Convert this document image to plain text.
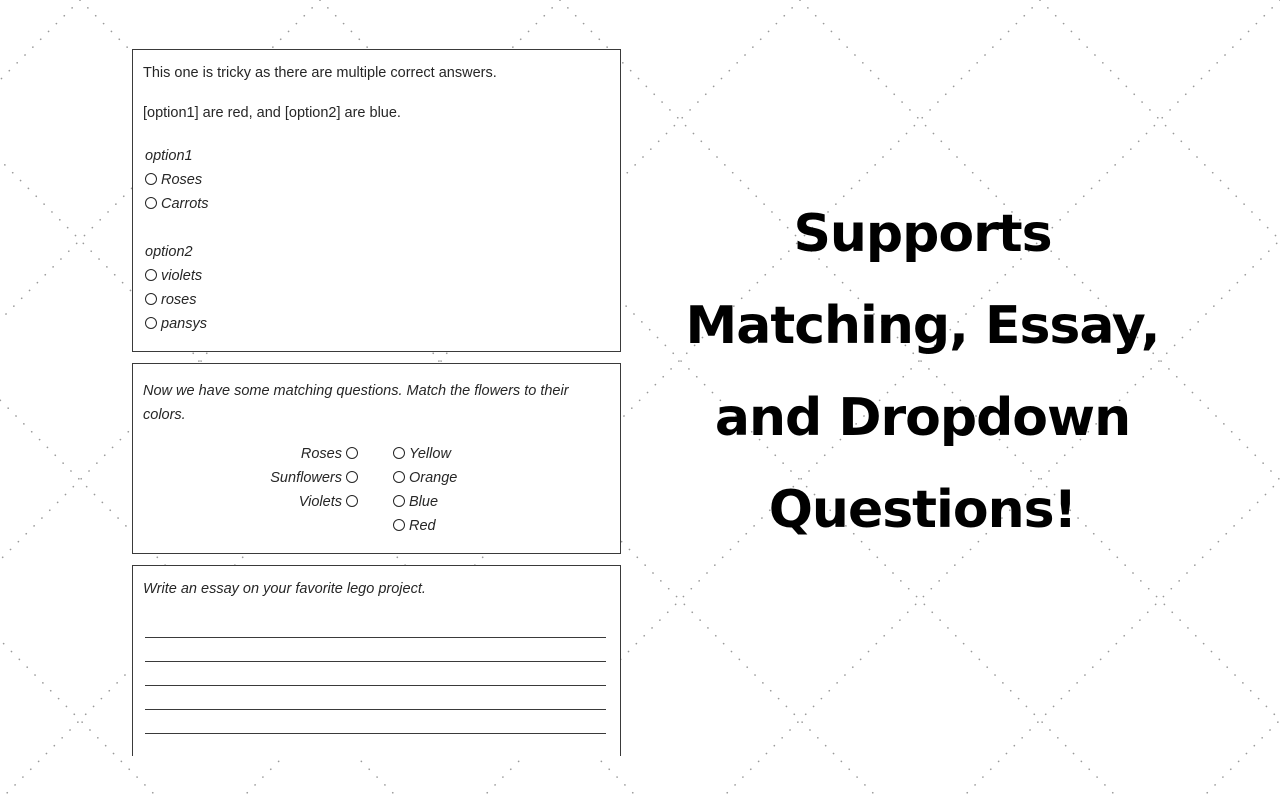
This one is tricky as there are multiple correct answers.

[option1] are red, and [option2] are blue.

option1
Roses
Carrots
option2
violets
roses
pansys

Now we have some matching questions. Match the flowers to their colors.

Roses
Sunflowers
Violets
Yellow
Orange
Blue
Red

Write an essay on your favorite lego project.

Supports
Matching, Essay,
and Dropdown
Questions!
